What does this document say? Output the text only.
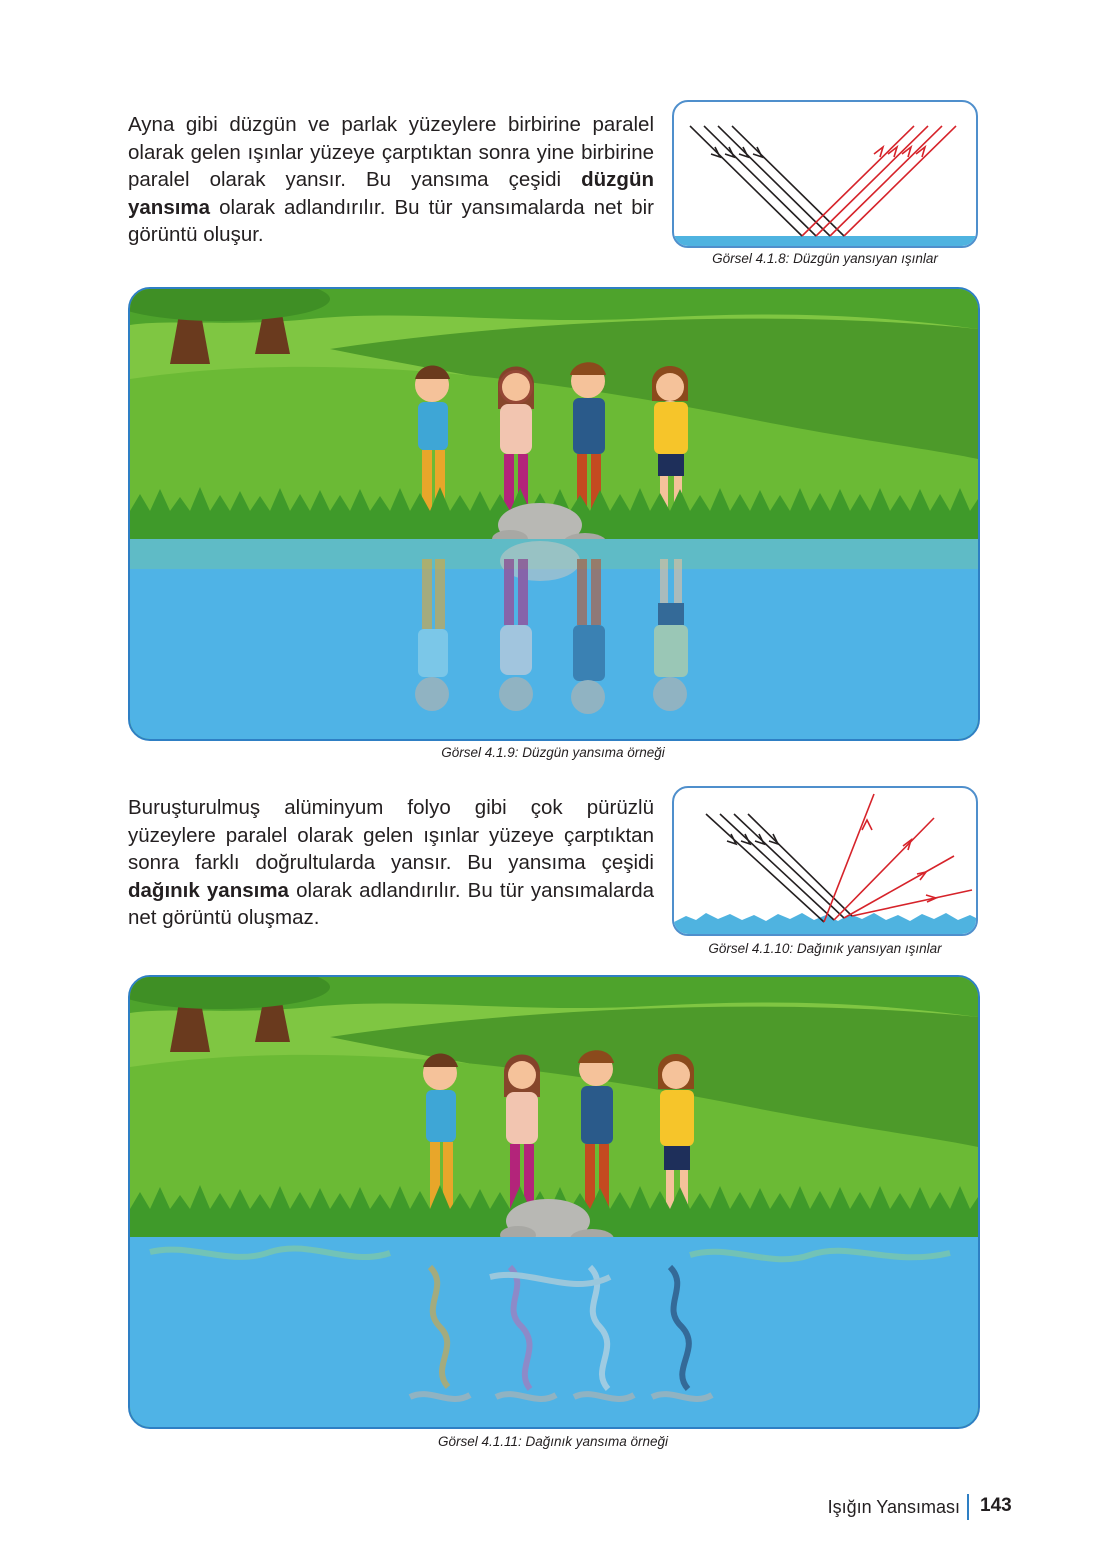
Ayna gibi düzgün ve parlak yüzeylere birbirine paralel olarak gelen ışınlar yüzeye çarptıktan sonra yine birbirine paralel olarak yansır. Bu yansıma çeşidi düzgün yansıma olarak adlandırılır. Bu tür yansımalarda net bir görüntü oluşur.

Görsel 4.1.8: Düzgün yansıyan ışınlar

Görsel 4.1.9: Düzgün yansıma örneği

Buruşturulmuş alüminyum folyo gibi çok pürüzlü yüzeylere paralel olarak gelen ışınlar yüzeye çarptıktan sonra farklı doğrultularda yansır. Bu yansıma çeşidi dağınık yansıma olarak adlandırılır. Bu tür yansımalarda net görüntü oluşmaz.

Görsel 4.1.10: Dağınık yansıyan ışınlar

Görsel 4.1.11: Dağınık yansıma örneği

Işığın Yansıması 143
